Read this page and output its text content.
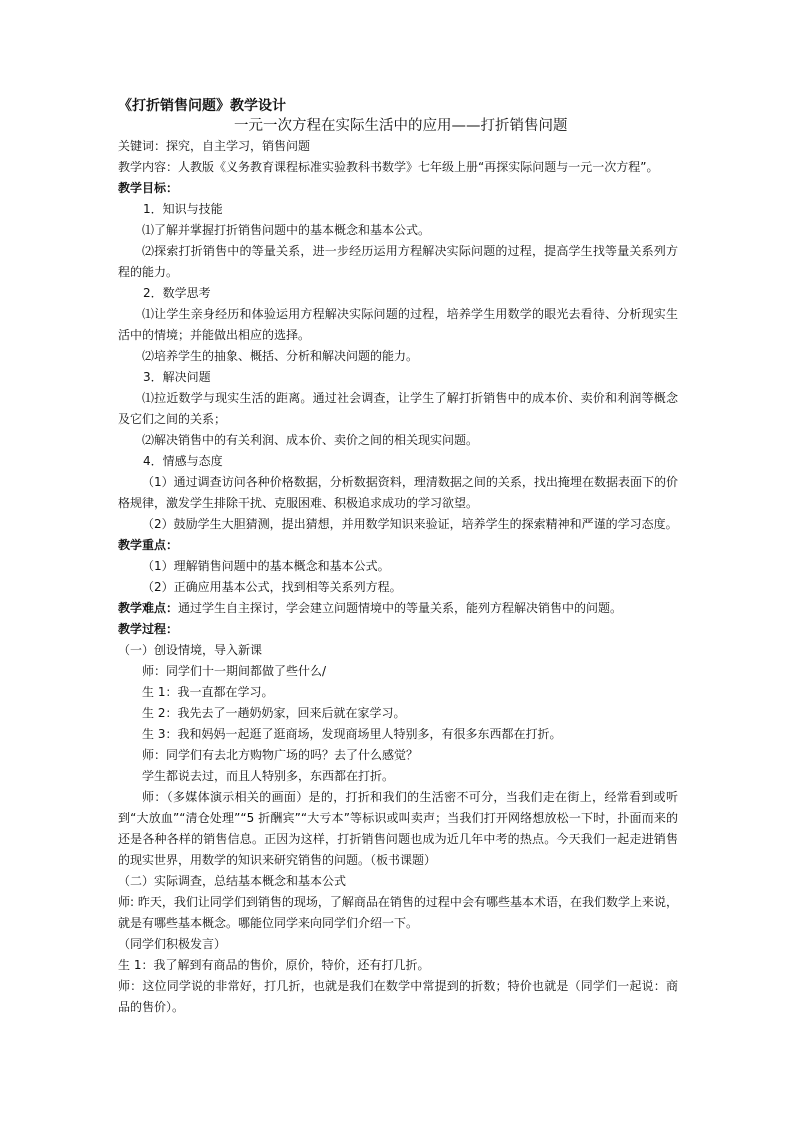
《打折销售问题》教学设计

一元一次方程在实际生活中的应用——打折销售问题

关键词：探究，自主学习，销售问题

教学内容：人教版《义务教育课程标准实验教科书数学》七年级上册“再探实际问题与一元一次方程”。

教学目标：

1．知识与技能

⑴了解并掌握打折销售问题中的基本概念和基本公式。

⑵探索打折销售中的等量关系，进一步经历运用方程解决实际问题的过程，提高学生找等量关系列方程的能力。

2．数学思考

⑴让学生亲身经历和体验运用方程解决实际问题的过程，培养学生用数学的眼光去看待、分析现实生活中的情境；并能做出相应的选择。

⑵培养学生的抽象、概括、分析和解决问题的能力。

3．解决问题

⑴拉近数学与现实生活的距离。通过社会调查，让学生了解打折销售中的成本价、卖价和利润等概念及它们之间的关系；

⑵解决销售中的有关利润、成本价、卖价之间的相关现实问题。

4．情感与态度

（1）通过调查访问各种价格数据，分析数据资料，理清数据之间的关系，找出掩埋在数据表面下的价格规律，激发学生排除干扰、克服困难、积极追求成功的学习欲望。

（2）鼓励学生大胆猜测，提出猜想，并用数学知识来验证，培养学生的探索精神和严谨的学习态度。

教学重点：

（1）理解销售问题中的基本概念和基本公式。

（2）正确应用基本公式，找到相等关系列方程。

教学难点：通过学生自主探讨，学会建立问题情境中的等量关系，能列方程解决销售中的问题。

教学过程：

（一）创设情境，导入新课

师：同学们十一期间都做了些什么/

生 1：我一直都在学习。

生 2：我先去了一趟奶奶家，回来后就在家学习。

生 3：我和妈妈一起逛了逛商场，发现商场里人特别多，有很多东西都在打折。

师：同学们有去北方购物广场的吗？去了什么感觉？

学生都说去过，而且人特别多，东西都在打折。

师：（多媒体演示相关的画面）是的，打折和我们的生活密不可分，当我们走在街上，经常看到或听到“大放血”“清仓处理”“5 折酬宾”“大亏本”等标识或叫卖声；当我们打开网络想放松一下时，扑面而来的还是各种各样的销售信息。正因为这样，打折销售问题也成为近几年中考的热点。今天我们一起走进销售的现实世界，用数学的知识来研究销售的问题。（板书课题）

（二）实际调查，总结基本概念和基本公式

师: 昨天，我们让同学们到销售的现场，了解商品在销售的过程中会有哪些基本术语，在我们数学上来说，就是有哪些基本概念。哪能位同学来向同学们介绍一下。

（同学们积极发言）

生 1：我了解到有商品的售价，原价，特价，还有打几折。

师：这位同学说的非常好，打几折，也就是我们在数学中常提到的折数；特价也就是（同学们一起说：商品的售价）。
